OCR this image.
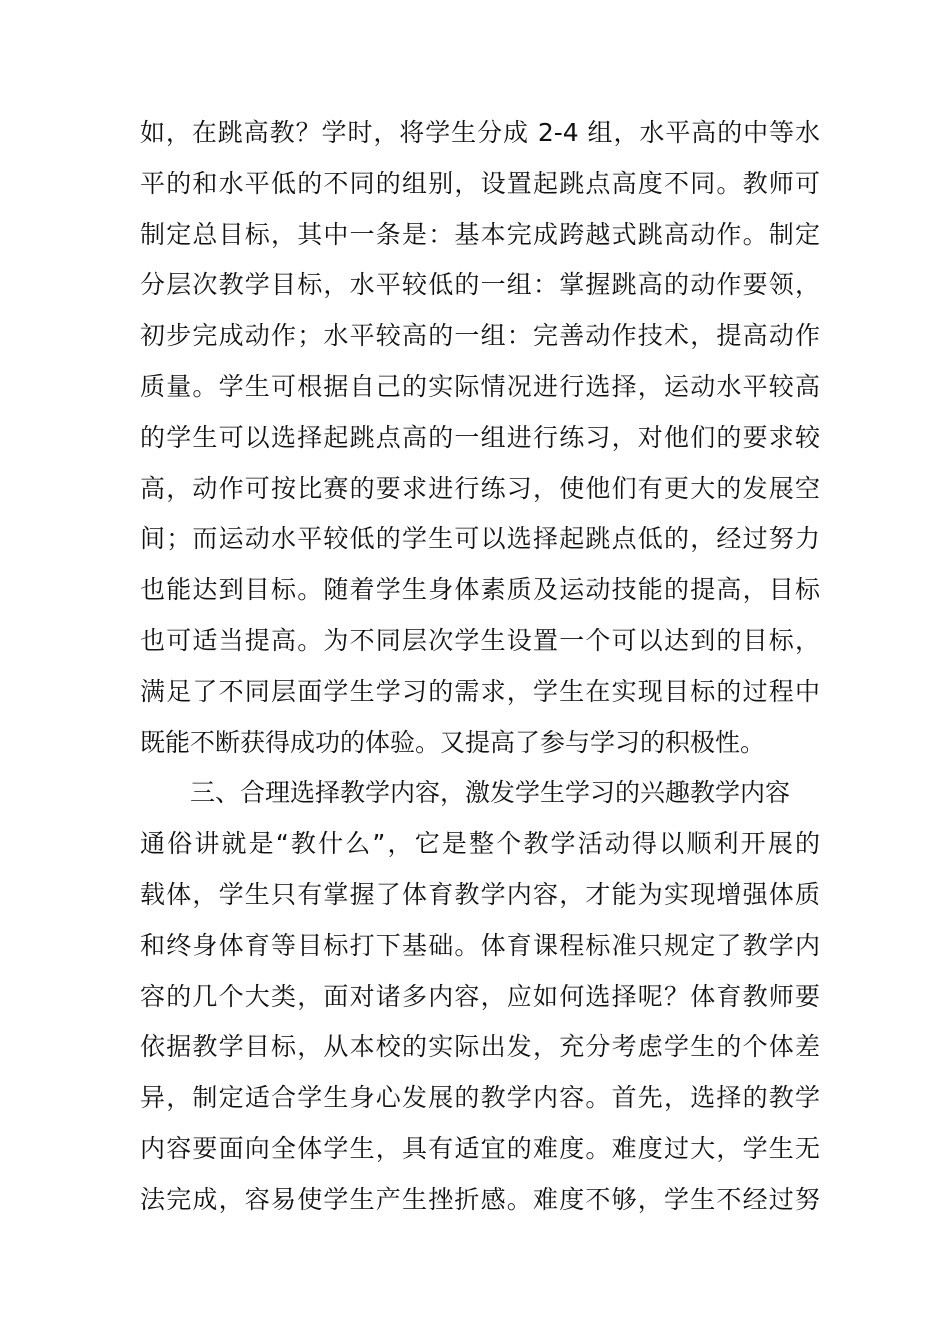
如，在跳高教？学时，将学生分成 2-4 组，水平高的中等水
平的和水平低的不同的组别，设置起跳点高度不同。教师可
制定总目标，其中一条是：基本完成跨越式跳高动作。制定
分层次教学目标，水平较低的一组：掌握跳高的动作要领，
初步完成动作；水平较高的一组：完善动作技术，提高动作
质量。学生可根据自己的实际情况进行选择，运动水平较高
的学生可以选择起跳点高的一组进行练习，对他们的要求较
高，动作可按比赛的要求进行练习，使他们有更大的发展空
间；而运动水平较低的学生可以选择起跳点低的，经过努力
也能达到目标。随着学生身体素质及运动技能的提高，目标
也可适当提高。为不同层次学生设置一个可以达到的目标，
满足了不同层面学生学习的需求，学生在实现目标的过程中
既能不断获得成功的体验。又提高了参与学习的积极性。
三、合理选择教学内容，激发学生学习的兴趣教学内容
通俗讲就是“教什么”，它是整个教学活动得以顺利开展的
载体，学生只有掌握了体育教学内容，才能为实现增强体质
和终身体育等目标打下基础。体育课程标准只规定了教学内
容的几个大类，面对诸多内容，应如何选择呢？体育教师要
依据教学目标，从本校的实际出发，充分考虑学生的个体差
异，制定适合学生身心发展的教学内容。首先，选择的教学
内容要面向全体学生，具有适宜的难度。难度过大，学生无
法完成，容易使学生产生挫折感。难度不够，学生不经过努
